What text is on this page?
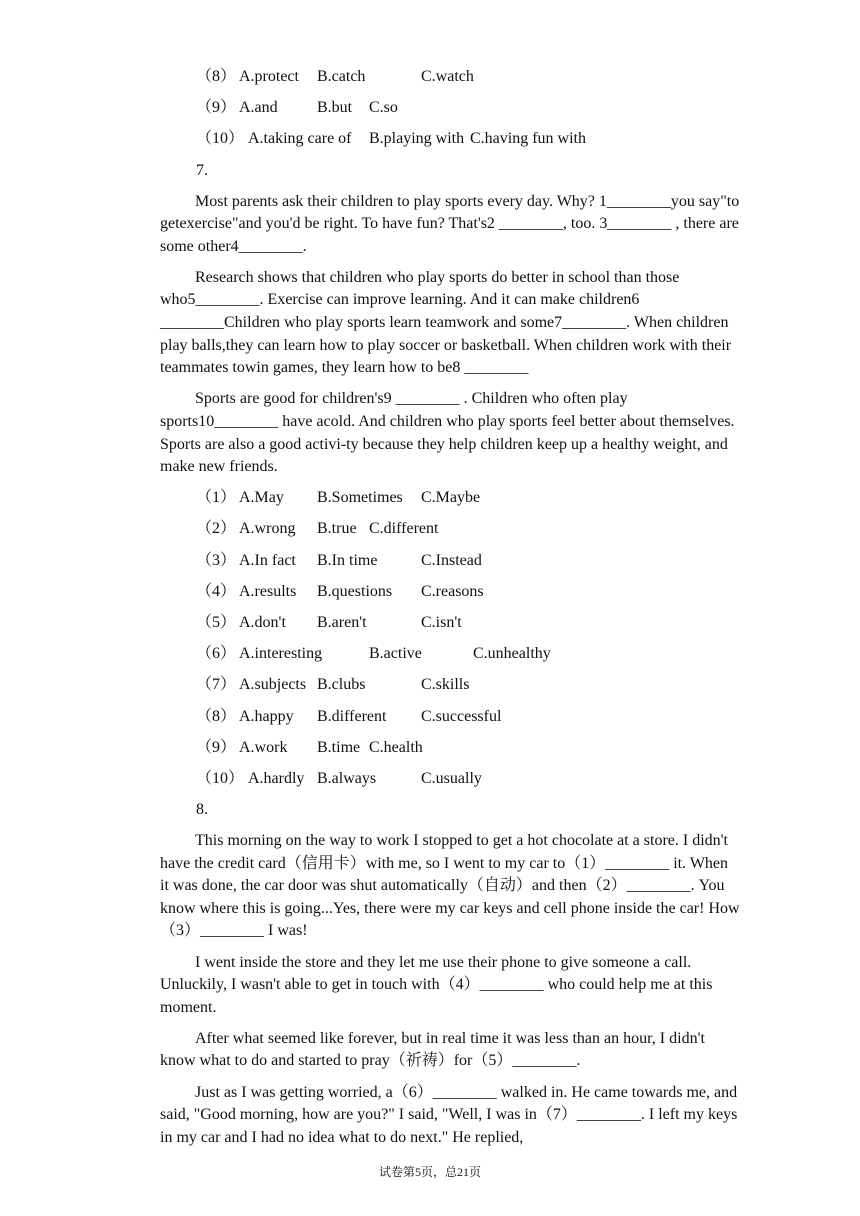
（8） A.protect B.catch	C.watch
（9） A.and B.but C.so
（10） A.taking care of B.playing with C.having fun with
7.

Most parents ask their children to play sports every day. Why? 1________you say"to getexercise"and you'd be right. To have fun? That's2 ________, too. 3________ , there are some other4________.

Research shows that children who play sports do better in school than those who5________. Exercise can improve learning. And it can make children6 ________Children who play sports learn teamwork and some7________. When children play balls,they can learn how to play soccer or basketball. When children work with their teammates towin games, they learn how to be8 ________

Sports are good for children's9 ________ . Children who often play sports10________ have acold. And children who play sports feel better about themselves. Sports are also a good activi-ty because they help children keep up a healthy weight, and make new friends.

（1） A.May B.Sometimes C.Maybe
（2） A.wrong B.true C.different
（3） A.In fact B.In time	C.Instead
（4） A.results B.questions C.reasons
（5） A.don't B.aren't	C.isn't
（6） A.interesting	B.active	C.unhealthy
（7） A.subjects B.clubs	C.skills
（8） A.happy B.different C.successful
（9） A.work B.time C.health
（10） A.hardly B.always	C.usually
8.

This morning on the way to work I stopped to get a hot chocolate at a store. I didn't have the credit card（信用卡）with me, so I went to my car to（1）________ it. When it was done, the car door was shut automatically（自动）and then（2）________. You know where this is going...Yes, there were my car keys and cell phone inside the car! How（3）________ I was!

I went inside the store and they let me use their phone to give someone a call. Unluckily, I wasn't able to get in touch with（4）________ who could help me at this moment.

After what seemed like forever, but in real time it was less than an hour, I didn't know what to do and started to pray（祈祷）for（5）________.

Just as I was getting worried, a（6）________ walked in. He came towards me, and said, "Good morning, how are you?" I said, "Well, I was in（7）________. I left my keys in my car and I had no idea what to do next." He replied,

试卷第5页，总21页
